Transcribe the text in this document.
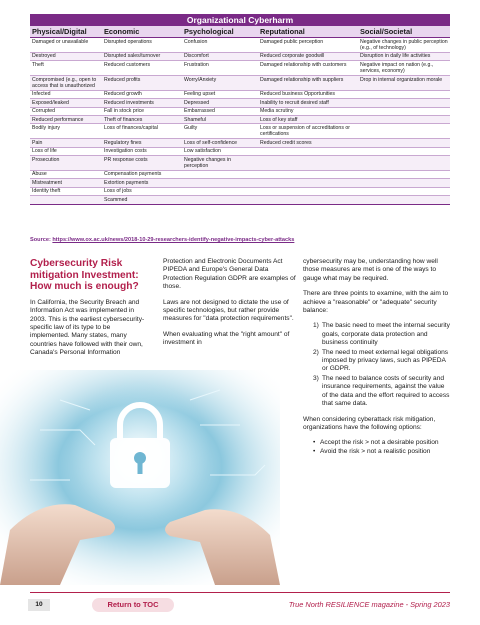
Organizational Cyberharm
Physical/Digital	Economic	Psychological	Reputational	Social/Societal
Damaged or unavailable	Disrupted operations	Confusion	Damaged public perception	Negative changes in public perception (e.g., of technology)
Destroyed	Disrupted sales/turnover	Discomfort	Reduced corporate goodwill	Disruption in daily life activities
Theft	Reduced customers	Frustration	Damaged relationship with customers	Negative impact on nation (e.g., services, economy)
Compromised (e.g., open to access that is unauthorized	Reduced profits	Worry/Anxiety	Damaged relationship with suppliers	Drop in internal organization morale
Infected	Reduced growth	Feeling upset	Reduced business Opportunities	
Exposed/leaked	Reduced investments	Depressed	Inability to recruit desired staff	
Corrupted	Fall in stock price	Embarrassed	Media scrutiny	
Reduced performance	Theft of finances	Shameful	Loss of key staff	
Bodily injury	Loss of finances/capital	Guilty	Loss or suspension of accreditations or certifications	
Pain	Regulatory fines	Loss of self-confidence	Reduced credit scores	
Loss of life	Investigation costs	Low satisfaction		
Prosecution	PR response costs	Negative changes in perception		
Abuse	Compensation payments			
Mistreatment	Extortion payments			
Identity theft	Loss of jobs			
	Scammed			
Source: https://www.ox.ac.uk/news/2018-10-29-researchers-identify-negative-impacts-cyber-attacks
Cybersecurity Risk mitigation Investment: How much is enough?

In California, the Security Breach and Information Act was implemented in 2003. This is the earliest cybersecurity-specific law of its type to be implemented. Many states, many countries have followed with their own, Canada's Personal Information

Protection and Electronic Documents Act PIPEDA and Europe's General Data Protection Regulation GDPR are examples of those.

Laws are not designed to dictate the use of specific technologies, but rather provide measures for "data protection requirements".

When evaluating what the "right amount" of investment in

cybersecurity may be, understanding how well those measures are met is one of the ways to gauge what may be required.

There are three points to examine, with the aim to achieve a "reasonable" or "adequate" security balance:

1) The basic need to meet the internal security goals, corporate data protection and business continuity
2) The need to meet external legal obligations imposed by privacy laws, such as PIPEDA or GDPR.
3) The need to balance costs of security and insurance requirements, against the value of the data and the effort required to access that same data.

When considering cyberattack risk mitigation, organizations have the following options:

• Accept the risk > not a desirable position
• Avoid the risk > not a realistic position
10	Return to TOC	True North RESILIENCE magazine - Spring 2023
